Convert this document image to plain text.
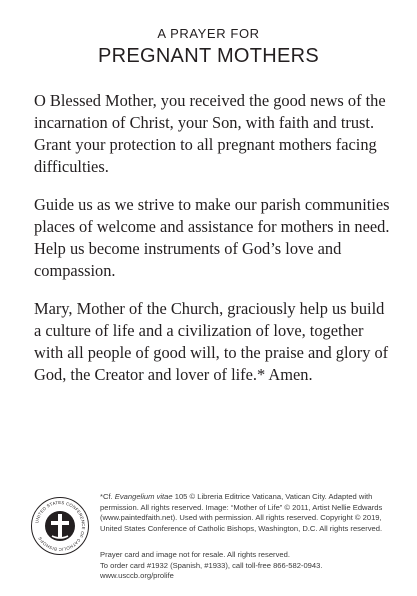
A PRAYER FOR
PREGNANT MOTHERS

O Blessed Mother, you received the good news of the incarnation of Christ, your Son, with faith and trust. Grant your protection to all pregnant mothers facing difficulties.

Guide us as we strive to make our parish communities places of welcome and assistance for mothers in need. Help us become instruments of God’s love and compassion.

Mary, Mother of the Church, graciously help us build a culture of life and a civilization of love, together with all people of good will, to the praise and glory of God, the Creator and lover of life.* Amen.

UNITED STATES CONFERENCE OF CATHOLIC BISHOPS
*Cf. Evangelium vitae 105 © Libreria Editrice Vaticana, Vatican City. Adapted with permission. All rights reserved. Image: “Mother of Life” © 2011, Artist Nellie Edwards (www.paintedfaith.net). Used with permission. All rights reserved. Copyright © 2019, United States Conference of Catholic Bishops, Washington, D.C. All rights reserved.
Prayer card and image not for resale. All rights reserved.
To order card #1932 (Spanish, #1933), call toll-free 866-582-0943.
www.usccb.org/prolife
